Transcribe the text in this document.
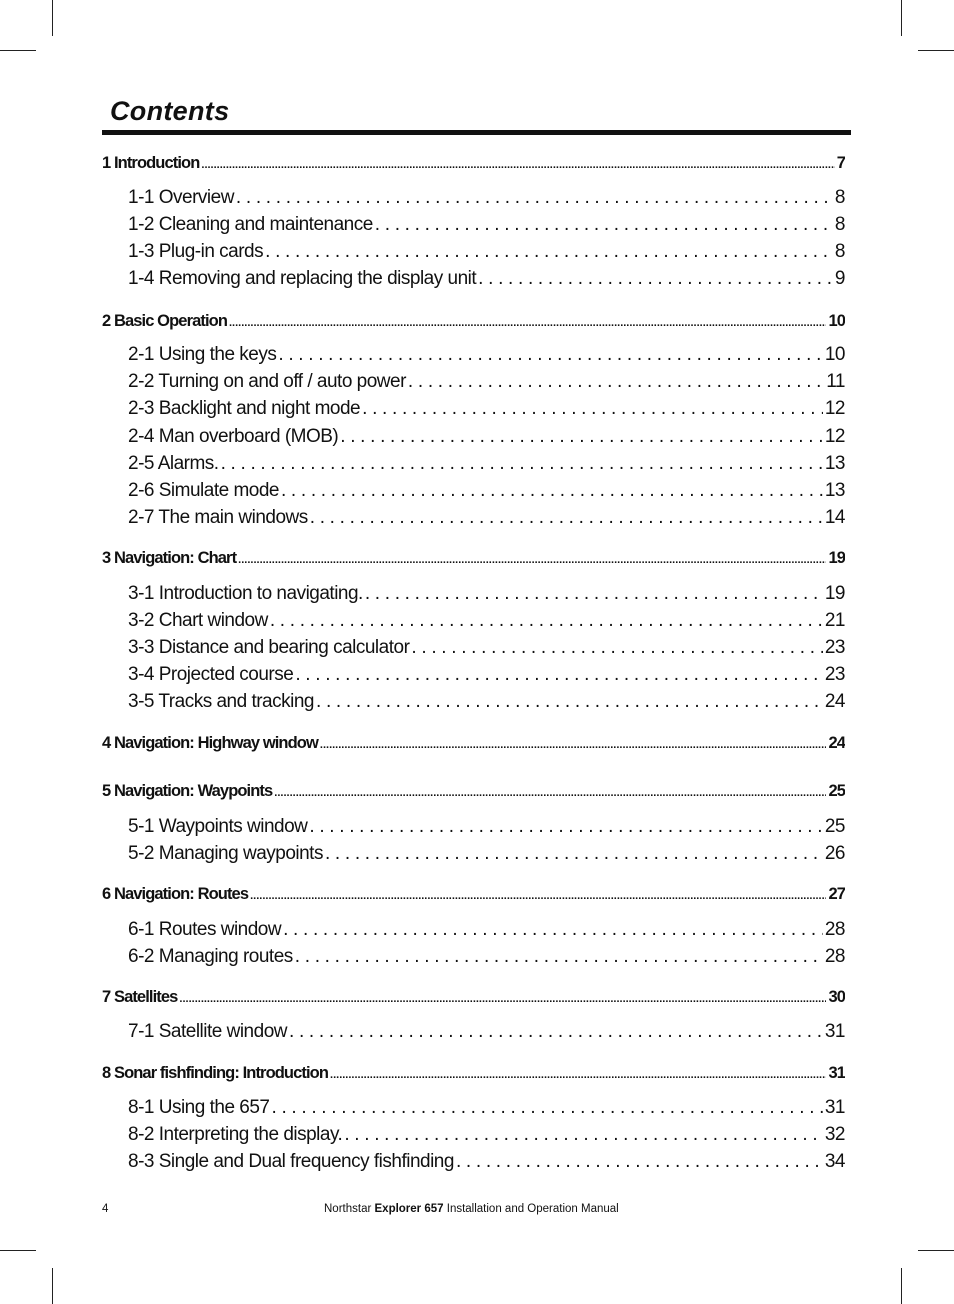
Contents
1 Introduction .....	7
1-1 Overview . . .	8
1-2 Cleaning and maintenance . . .	8
1-3 Plug-in cards . . .	8
1-4 Removing and replacing the display unit . . .	9
2 Basic Operation .....	10
2-1 Using the keys . . .	10
2-2 Turning on and off / auto power . . .	11
2-3 Backlight and night mode . . .	12
2-4 Man overboard (MOB) . . .	12
2-5 Alarms. . . .	13
2-6 Simulate mode . . .	13
2-7 The main windows . . .	14
3 Navigation: Chart .....	19
3-1 Introduction to navigating. . . .	19
3-2 Chart window . . .	21
3-3 Distance and bearing calculator . . .	23
3-4 Projected course . . .	23
3-5 Tracks and tracking . . .	24
4 Navigation: Highway window .....	24
5 Navigation: Waypoints .....	25
5-1 Waypoints window . . .	25
5-2 Managing waypoints . . .	26
6 Navigation: Routes .....	27
6-1 Routes window . . .	28
6-2 Managing routes . . .	28
7 Satellites .....	30
7-1 Satellite window . . .	31
8 Sonar fishfinding: Introduction .....	31
8-1 Using the 657 . . .	31
8-2 Interpreting the display. . . .	32
8-3 Single and Dual frequency fishfinding . . .	34
4	Northstar Explorer 657 Installation and Operation Manual
